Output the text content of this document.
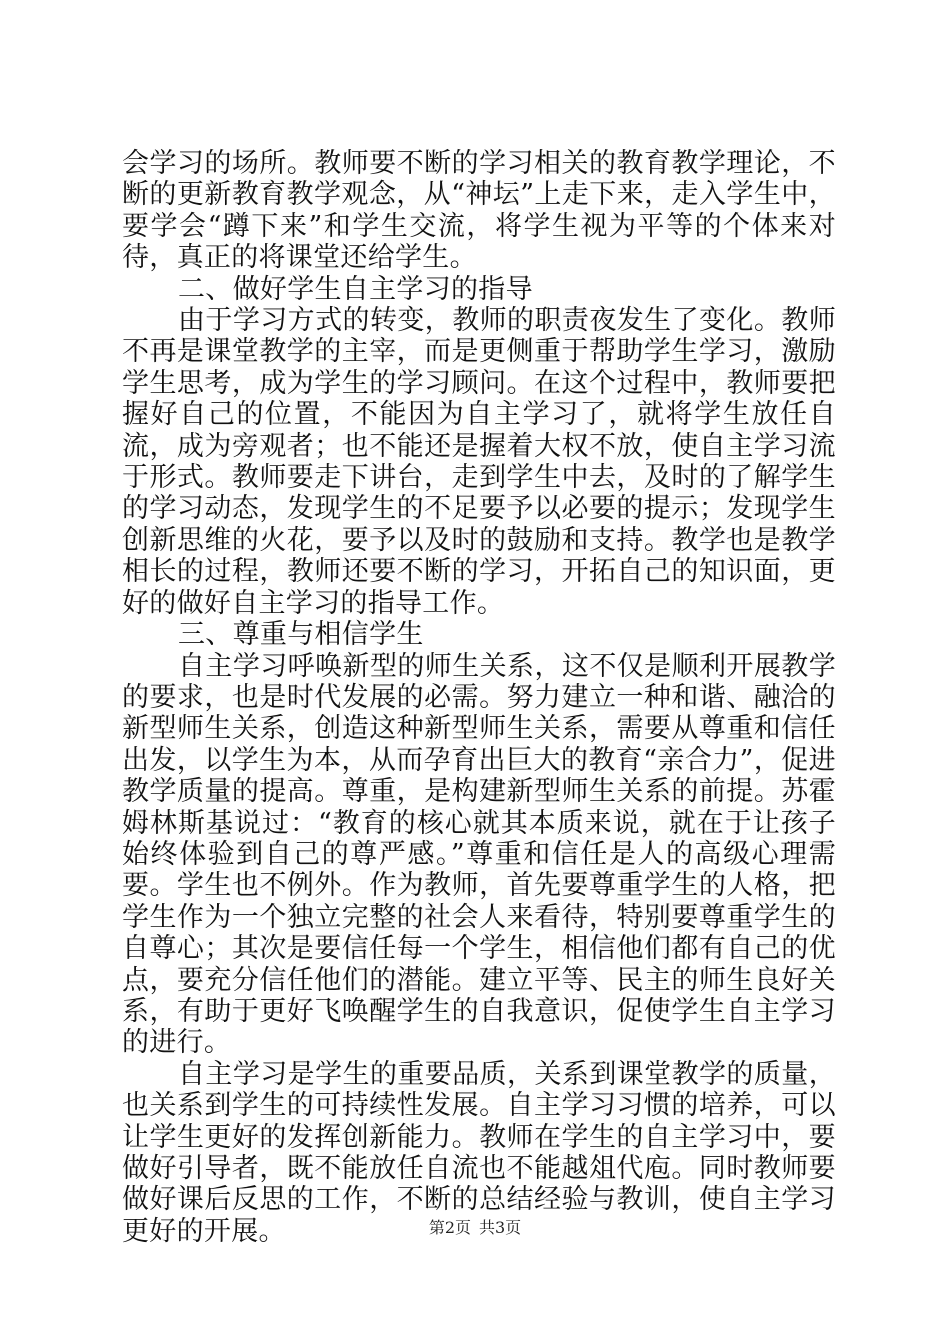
会学习的场所。教师要不断的学习相关的教育教学理论，不断的更新教育教学观念，从“神坛”上走下来，走入学生中，要学会“蹲下来”和学生交流，将学生视为平等的个体来对待，真正的将课堂还给学生。

二、做好学生自主学习的指导

由于学习方式的转变，教师的职责夜发生了变化。教师不再是课堂教学的主宰，而是更侧重于帮助学生学习，激励学生思考，成为学生的学习顾问。在这个过程中，教师要把握好自己的位置，不能因为自主学习了，就将学生放任自流，成为旁观者；也不能还是握着大权不放，使自主学习流于形式。教师要走下讲台，走到学生中去，及时的了解学生的学习动态，发现学生的不足要予以必要的提示；发现学生创新思维的火花，要予以及时的鼓励和支持。教学也是教学相长的过程，教师还要不断的学习，开拓自己的知识面，更好的做好自主学习的指导工作。

三、尊重与相信学生

自主学习呼唤新型的师生关系，这不仅是顺利开展教学的要求，也是时代发展的必需。努力建立一种和谐、融洽的新型师生关系，创造这种新型师生关系，需要从尊重和信任出发，以学生为本，从而孕育出巨大的教育“亲合力”，促进教学质量的提高。尊重，是构建新型师生关系的前提。苏霍姆林斯基说过：“教育的核心就其本质来说，就在于让孩子始终体验到自己的尊严感。”尊重和信任是人的高级心理需要。学生也不例外。作为教师，首先要尊重学生的人格，把学生作为一个独立完整的社会人来看待，特别要尊重学生的自尊心；其次是要信任每一个学生，相信他们都有自己的优点，要充分信任他们的潜能。建立平等、民主的师生良好关系，有助于更好飞唤醒学生的自我意识，促使学生自主学习的进行。

自主学习是学生的重要品质，关系到课堂教学的质量，也关系到学生的可持续性发展。自主学习习惯的培养，可以让学生更好的发挥创新能力。教师在学生的自主学习中，要做好引导者，既不能放任自流也不能越俎代庖。同时教师要做好课后反思的工作，不断的总结经验与教训，使自主学习更好的开展。	第2页 共3页
